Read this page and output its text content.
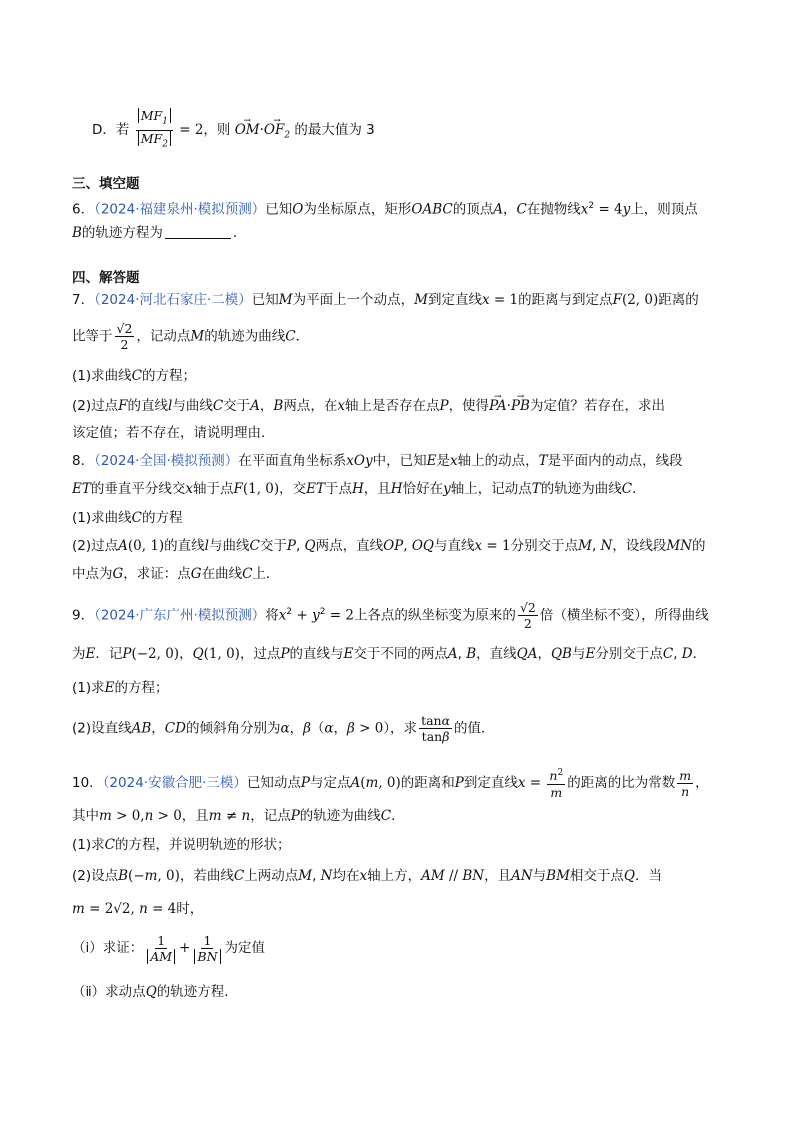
D．若 $\frac{MF_1}{MF_2} = 2$，则 OM $\to\cdot OF_2$ → 的最大值为 3
三、填空题
6．（2024·福建泉州·模拟预测）已知O为坐标原点，矩形OABC的顶点A，C在抛物线$x^2 = 4y$上，则顶点
B的轨迹方程为	．
四、解答题
7．（2024·河北石家庄·二模）已知M为平面上一个动点，M到定直线x = 1的距离与到定点F(2, 0)距离的
比等于 $\frac{√2}{2}$ ，记动点M的轨迹为曲线C．
(1)求曲线C的方程；
(2)过点F的直线l与曲线C交于A，B两点，在x轴上是否存在点P，使得PA →·PB →为定值？若存在，求出
该定值；若不存在，请说明理由．
8．（2024·全国·模拟预测）在平面直角坐标系xOy中，已知E是x轴上的动点，T是平面内的动点，线段
ET的垂直平分线交x轴于点F(1, 0)，交ET于点H，且H恰好在y轴上，记动点T的轨迹为曲线C．
(1)求曲线C的方程
(2)过点A(0, 1)的直线l与曲线C交于P, Q两点，直线OP, OQ与直线x = 1分别交于点M, N，设线段MN的
中点为G，求证：点G在曲线C上．
9．（2024·广东广州·模拟预测）将$x^2 + y^2 = 2$上各点的纵坐标变为原来的 $\frac{√2}{2}$ 倍（横坐标不变），所得曲线
为E．记P(−2, 0)，Q(1, 0)，过点P的直线与E交于不同的两点A, B，直线QA，QB与E分别交于点C, D．
(1)求E的方程；
(2)设直线AB，CD的倾斜角分别为α，β（α，β > 0），求 $\frac{\tan\alpha}{\tan\beta}$ 的值．
10．（2024·安徽合肥·三模）已知动点P与定点A(m, 0)的距离和P到定直线$x = \frac{n^2}{m}$ 的距离的比为常数 $\frac{m}{n}$ ，
其中m > 0,n > 0，且m ≠ n，记点P的轨迹为曲线C．
(1)求C的方程，并说明轨迹的形状；
(2)设点B(−m, 0)，若曲线C上两动点M, N均在x轴上方，AM // BN，且AN与BM相交于点Q．当
m = 2√2, n = 4时，
（ⅰ）求证： $\frac{1}{AM} + \frac{1}{BN}$ 为定值
（ⅱ）求动点Q的轨迹方程．
